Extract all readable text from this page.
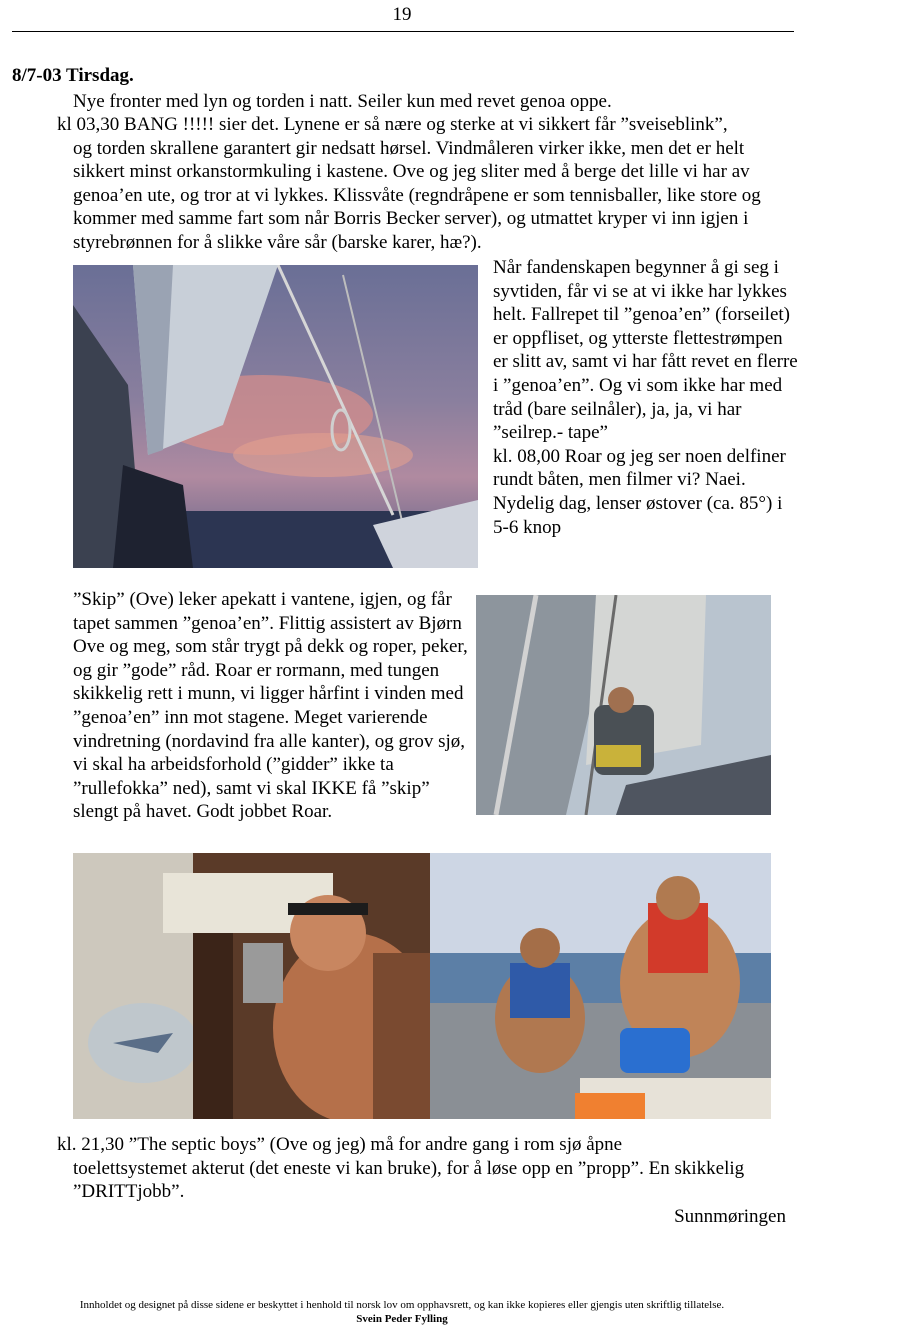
19
8/7-03 Tirsdag.
Nye fronter med lyn og torden i natt. Seiler kun med revet genoa oppe.
kl 03,30 BANG !!!!! sier det. Lynene er så nære og sterke at vi sikkert får ”sveiseblink”,
og torden skrallene garantert gir nedsatt hørsel. Vindmåleren virker ikke, men det er helt sikkert minst orkanstormkuling i kastene. Ove og jeg sliter med å berge det lille vi har av genoa’en ute, og tror at vi lykkes. Klissvåte (regndråpene er som tennisballer, like store og kommer med samme fart som når Borris Becker server), og utmattet kryper vi inn igjen i styrebrønnen for å slikke våre sår (barske karer, hæ?).
Når fandenskapen begynner å gi seg i syvtiden, får vi se at vi ikke har lykkes helt. Fallrepet til ”genoa’en” (forseilet) er oppfliset, og ytterste flettestrømpen er slitt av, samt vi har fått revet en flerre i ”genoa’en”. Og vi som ikke har med tråd (bare seilnåler), ja, ja, vi har ”seilrep.- tape”
kl. 08,00 Roar og jeg ser noen delfiner rundt båten, men filmer vi? Naei.
Nydelig dag, lenser østover (ca. 85°) i 5-6 knop
”Skip” (Ove) leker apekatt i vantene, igjen, og får tapet sammen ”genoa’en”. Flittig assistert av Bjørn Ove og meg, som står trygt på dekk og roper, peker, og gir ”gode” råd. Roar er rormann, med tungen skikkelig rett i munn, vi ligger hårfint i vinden med ”genoa’en” inn mot stagene. Meget varierende vindretning (nordavind fra alle kanter), og grov sjø, vi skal ha arbeidsforhold (”gidder” ikke ta ”rullefokka” ned), samt vi skal IKKE få ”skip” slengt på havet. Godt jobbet Roar.
kl. 21,30 ”The septic boys” (Ove og jeg) må for andre gang i rom sjø åpne
toelettsystemet akterut (det eneste vi kan bruke), for å løse opp en ”propp”. En skikkelig ”DRITTjobb”.
Sunnmøringen
Innholdet og designet på disse sidene er beskyttet i henhold til norsk lov om opphavsrett, og kan ikke kopieres eller gjengis uten skriftlig tillatelse.
Svein Peder Fylling
